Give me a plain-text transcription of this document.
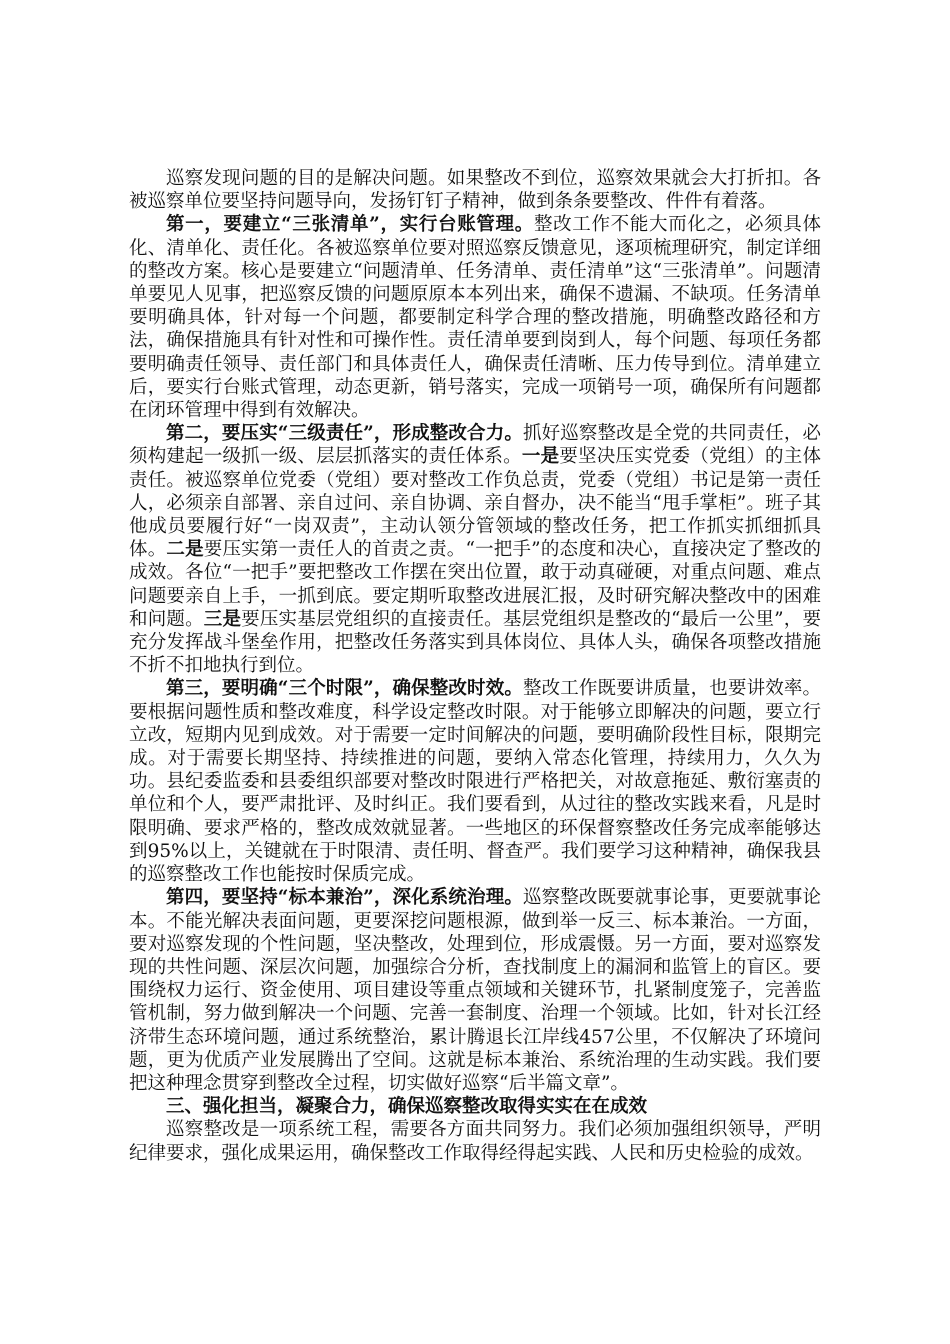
巡察发现问题的目的是解决问题。如果整改不到位，巡察效果就会大打折扣。各被巡察单位要坚持问题导向，发扬钉钉子精神，做到条条要整改、件件有着落。

第一，要建立“三张清单”，实行台账管理。整改工作不能大而化之，必须具体化、清单化、责任化。各被巡察单位要对照巡察反馈意见，逐项梳理研究，制定详细的整改方案。核心是要建立“问题清单、任务清单、责任清单”这“三张清单”。问题清单要见人见事，把巡察反馈的问题原原本本列出来，确保不遗漏、不缺项。任务清单要明确具体，针对每一个问题，都要制定科学合理的整改措施，明确整改路径和方法，确保措施具有针对性和可操作性。责任清单要到岗到人，每个问题、每项任务都要明确责任领导、责任部门和具体责任人，确保责任清晰、压力传导到位。清单建立后，要实行台账式管理，动态更新，销号落实，完成一项销号一项，确保所有问题都在闭环管理中得到有效解决。

第二，要压实“三级责任”，形成整改合力。抓好巡察整改是全党的共同责任，必须构建起一级抓一级、层层抓落实的责任体系。一是要坚决压实党委（党组）的主体责任。被巡察单位党委（党组）要对整改工作负总责，党委（党组）书记是第一责任人，必须亲自部署、亲自过问、亲自协调、亲自督办，决不能当“甩手掌柜”。班子其他成员要履行好“一岗双责”，主动认领分管领域的整改任务，把工作抓实抓细抓具体。二是要压实第一责任人的首责之责。“一把手”的态度和决心，直接决定了整改的成效。各位“一把手”要把整改工作摆在突出位置，敢于动真碰硬，对重点问题、难点问题要亲自上手，一抓到底。要定期听取整改进展汇报，及时研究解决整改中的困难和问题。三是要压实基层党组织的直接责任。基层党组织是整改的“最后一公里”，要充分发挥战斗堡垒作用，把整改任务落实到具体岗位、具体人头，确保各项整改措施不折不扣地执行到位。

第三，要明确“三个时限”，确保整改时效。整改工作既要讲质量，也要讲效率。要根据问题性质和整改难度，科学设定整改时限。对于能够立即解决的问题，要立行立改，短期内见到成效。对于需要一定时间解决的问题，要明确阶段性目标，限期完成。对于需要长期坚持、持续推进的问题，要纳入常态化管理，持续用力，久久为功。县纪委监委和县委组织部要对整改时限进行严格把关，对故意拖延、敷衍塞责的单位和个人，要严肃批评、及时纠正。我们要看到，从过往的整改实践来看，凡是时限明确、要求严格的，整改成效就显著。一些地区的环保督察整改任务完成率能够达到95%以上，关键就在于时限清、责任明、督查严。我们要学习这种精神，确保我县的巡察整改工作也能按时保质完成。

第四，要坚持“标本兼治”，深化系统治理。巡察整改既要就事论事，更要就事论本。不能光解决表面问题，更要深挖问题根源，做到举一反三、标本兼治。一方面，要对巡察发现的个性问题，坚决整改，处理到位，形成震慑。另一方面，要对巡察发现的共性问题、深层次问题，加强综合分析，查找制度上的漏洞和监管上的盲区。要围绕权力运行、资金使用、项目建设等重点领域和关键环节，扎紧制度笼子，完善监管机制，努力做到解决一个问题、完善一套制度、治理一个领域。比如，针对长江经济带生态环境问题，通过系统整治，累计腾退长江岸线457公里，不仅解决了环境问题，更为优质产业发展腾出了空间。这就是标本兼治、系统治理的生动实践。我们要把这种理念贯穿到整改全过程，切实做好巡察“后半篇文章”。

三、强化担当，凝聚合力，确保巡察整改取得实实在在成效

巡察整改是一项系统工程，需要各方面共同努力。我们必须加强组织领导，严明纪律要求，强化成果运用，确保整改工作取得经得起实践、人民和历史检验的成效。
